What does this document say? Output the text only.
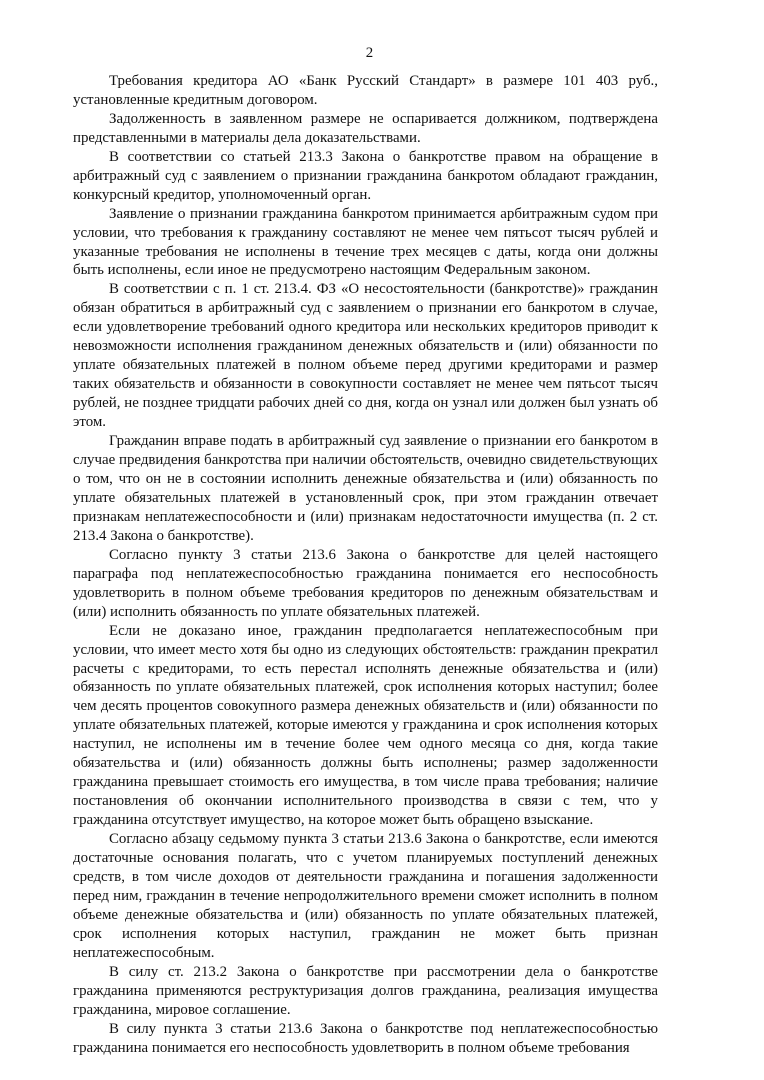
2

Требования кредитора АО «Банк Русский Стандарт» в размере 101 403 руб., установленные кредитным договором.

Задолженность в заявленном размере не оспаривается должником, подтверждена представленными в материалы дела доказательствами.

В соответствии со статьей 213.3 Закона о банкротстве правом на обращение в арбитражный суд с заявлением о признании гражданина банкротом обладают гражданин, конкурсный кредитор, уполномоченный орган.

Заявление о признании гражданина банкротом принимается арбитражным судом при условии, что требования к гражданину составляют не менее чем пятьсот тысяч рублей и указанные требования не исполнены в течение трех месяцев с даты, когда они должны быть исполнены, если иное не предусмотрено настоящим Федеральным законом.

В соответствии с п. 1 ст. 213.4. ФЗ «О несостоятельности (банкротстве)» гражданин обязан обратиться в арбитражный суд с заявлением о признании его банкротом в случае, если удовлетворение требований одного кредитора или нескольких кредиторов приводит к невозможности исполнения гражданином денежных обязательств и (или) обязанности по уплате обязательных платежей в полном объеме перед другими кредиторами и размер таких обязательств и обязанности в совокупности составляет не менее чем пятьсот тысяч рублей, не позднее тридцати рабочих дней со дня, когда он узнал или должен был узнать об этом.

Гражданин вправе подать в арбитражный суд заявление о признании его банкротом в случае предвидения банкротства при наличии обстоятельств, очевидно свидетельствующих о том, что он не в состоянии исполнить денежные обязательства и (или) обязанность по уплате обязательных платежей в установленный срок, при этом гражданин отвечает признакам неплатежеспособности и (или) признакам недостаточности имущества (п. 2 ст. 213.4 Закона о банкротстве).

Согласно пункту 3 статьи 213.6 Закона о банкротстве для целей настоящего параграфа под неплатежеспособностью гражданина понимается его неспособность удовлетворить в полном объеме требования кредиторов по денежным обязательствам и (или) исполнить обязанность по уплате обязательных платежей.

Если не доказано иное, гражданин предполагается неплатежеспособным при условии, что имеет место хотя бы одно из следующих обстоятельств: гражданин прекратил расчеты с кредиторами, то есть перестал исполнять денежные обязательства и (или) обязанность по уплате обязательных платежей, срок исполнения которых наступил; более чем десять процентов совокупного размера денежных обязательств и (или) обязанности по уплате обязательных платежей, которые имеются у гражданина и срок исполнения которых наступил, не исполнены им в течение более чем одного месяца со дня, когда такие обязательства и (или) обязанность должны быть исполнены; размер задолженности гражданина превышает стоимость его имущества, в том числе права требования; наличие постановления об окончании исполнительного производства в связи с тем, что у гражданина отсутствует имущество, на которое может быть обращено взыскание.

Согласно абзацу седьмому пункта 3 статьи 213.6 Закона о банкротстве, если имеются достаточные основания полагать, что с учетом планируемых поступлений денежных средств, в том числе доходов от деятельности гражданина и погашения задолженности перед ним, гражданин в течение непродолжительного времени сможет исполнить в полном объеме денежные обязательства и (или) обязанность по уплате обязательных платежей, срок исполнения которых наступил, гражданин не может быть признан неплатежеспособным.

В силу ст. 213.2 Закона о банкротстве при рассмотрении дела о банкротстве гражданина применяются реструктуризация долгов гражданина, реализация имущества гражданина, мировое соглашение.

В силу пункта 3 статьи 213.6 Закона о банкротстве под неплатежеспособностью гражданина понимается его неспособность удовлетворить в полном объеме требования
